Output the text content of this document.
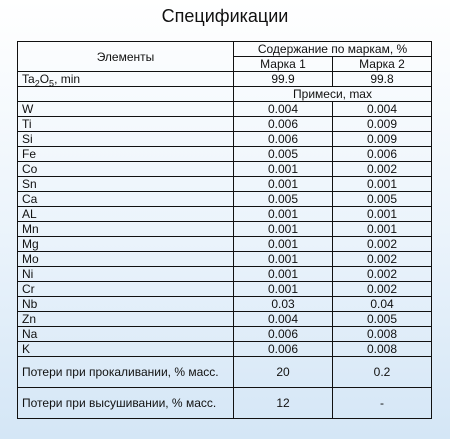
Спецификации
Элементы	Содержание по маркам, %	
	Марка 1	Марка 2
$Ta_2O_5$, min	99.9	99.8
	Примеси, max	
W	0.004	0.004
Ti	0.006	0.009
Si	0.006	0.009
Fe	0.005	0.006
Co	0.001	0.002
Sn	0.001	0.001
Ca	0.005	0.005
AL	0.001	0.001
Mn	0.001	0.001
Mg	0.001	0.002
Mo	0.001	0.002
Ni	0.001	0.002
Cr	0.001	0.002
Nb	0.03	0.04
Zn	0.004	0.005
Na	0.006	0.008
K	0.006	0.008
Потери при прокаливании, % масс.	20	0.2
Потери при высушивании, % масс.	12	-
